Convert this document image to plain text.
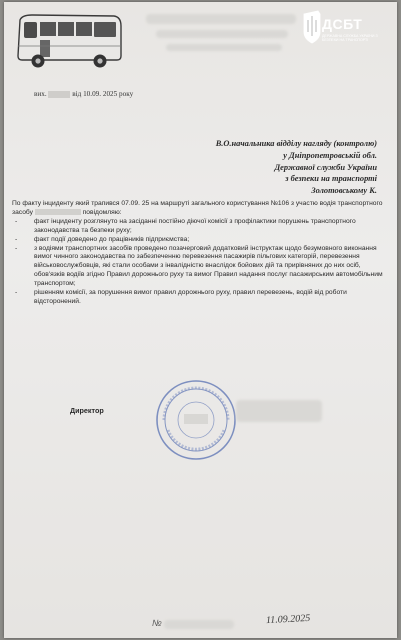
ДСБТ
ДЕРЖАВНА СЛУЖБА УКРАЇНИ З БЕЗПЕКИ НА ТРАНСПОРТІ
вих.	від 10.09. 2025 року
В.О.начальника відділу нагляду (контролю)
у Дніпропетровській обл.
Державної служби України
з безпеки на транспорті
Золотовському К.

По факту інциденту який трапився 07.09. 25 на маршруті загального користування №106 з участю водія транспортного засобу	повідомляю:

-	факт інциденту розглянуто на засіданні постійно діючої комісії з профілактики порушень транспортного законодавства та безпеки руху;
-	факт події доведено до працівників підприємства;
-	з водіями транспортних засобів проведено позачерговий додатковий інструктаж щодо безумовного виконання вимог чинного законодавства по забезпеченню перевезення пасажирів пільгових категорій, перевезення військовослужбовців, які стали особами з інвалідністю внаслідок бойових дій та прирівняних до них осіб, обов'язків водіїв згідно Правил дорожнього руху та вимог Правил надання послуг пасажирським автомобільним транспортом;
-	рішенням комісії, за порушення вимог правил дорожнього руху, правил перевезень, водій від роботи відсторонений.
Директор
№	11.09.2025
